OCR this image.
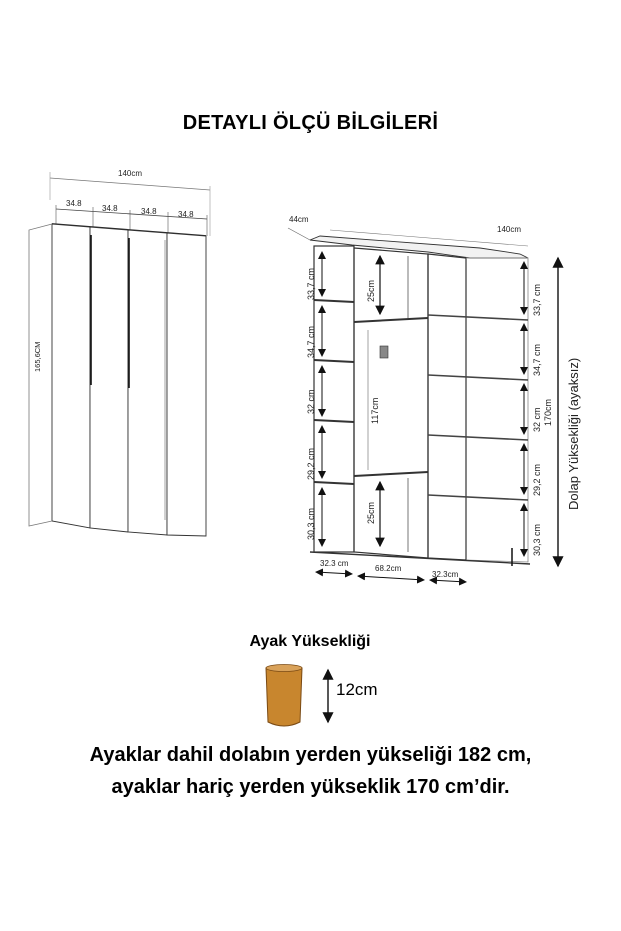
DETAYLI ÖLÇÜ BİLGİLERİ
140cm
34.8
34.8	34.8	34.8
165,6CM
44cm
140cm
33,7 cm
34,7 cm
32 cm
29,2 cm
30,3 cm
25cm
117cm
25cm
33,7 cm
34,7 cm
32 cm
29,2 cm
30,3 cm
170cm Dolap Yüksekliği (ayaksız)
32.3 cm
68.2cm
32.3cm
Ayak Yüksekliği
12cm
Ayaklar dahil dolabın yerden yükseliği 182 cm,
ayaklar hariç yerden yükseklik 170 cm’dir.
